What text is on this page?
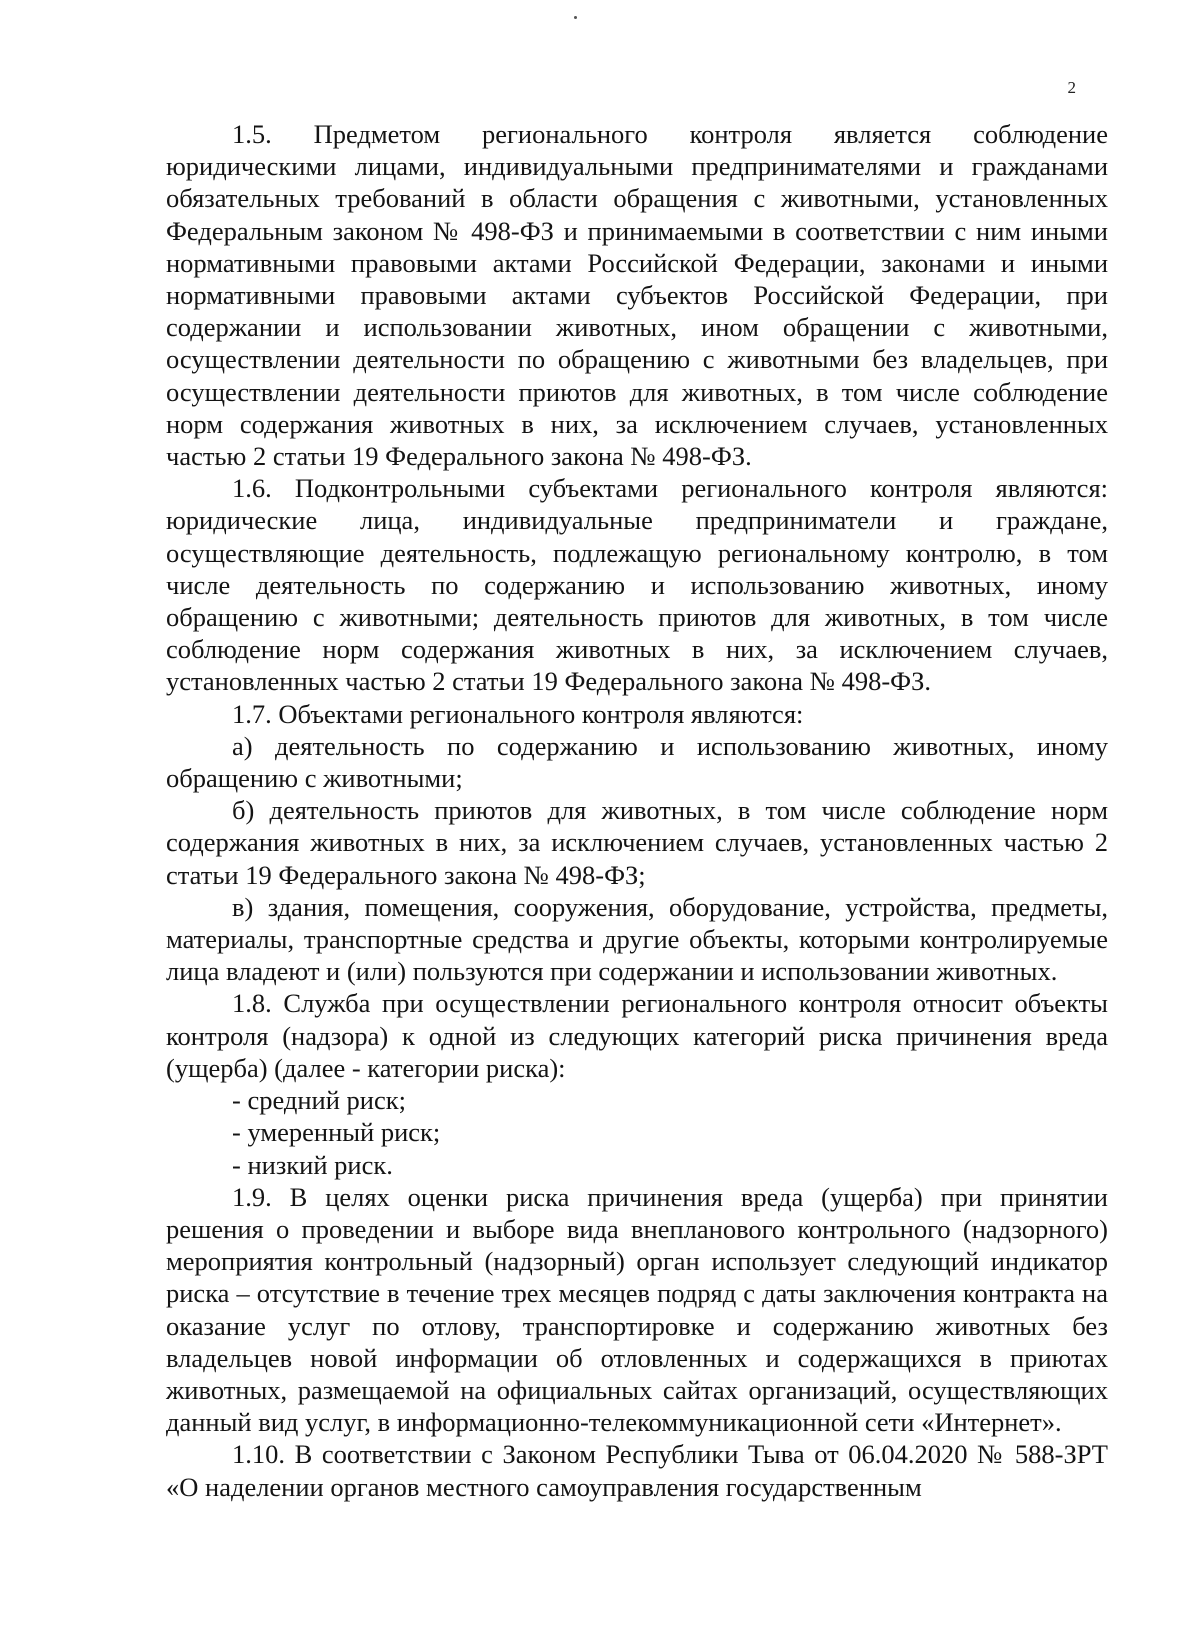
2

1.5. Предметом регионального контроля является соблюдение юридическими лицами, индивидуальными предпринимателями и гражданами обязательных требований в области обращения с животными, установленных Федеральным законом № 498-ФЗ и принимаемыми в соответствии с ним иными нормативными правовыми актами Российской Федерации, законами и иными нормативными правовыми актами субъектов Российской Федерации, при содержании и использовании животных, ином обращении с животными, осуществлении деятельности по обращению с животными без владельцев, при осуществлении деятельности приютов для животных, в том числе соблюдение норм содержания животных в них, за исключением случаев, установленных частью 2 статьи 19 Федерального закона № 498-ФЗ.

1.6. Подконтрольными субъектами регионального контроля являются: юридические лица, индивидуальные предприниматели и граждане, осуществляющие деятельность, подлежащую региональному контролю, в том числе деятельность по содержанию и использованию животных, иному обращению с животными; деятельность приютов для животных, в том числе соблюдение норм содержания животных в них, за исключением случаев, установленных частью 2 статьи 19 Федерального закона № 498-ФЗ.

1.7. Объектами регионального контроля являются:

а) деятельность по содержанию и использованию животных, иному обращению с животными;

б) деятельность приютов для животных, в том числе соблюдение норм содержания животных в них, за исключением случаев, установленных частью 2 статьи 19 Федерального закона № 498-ФЗ;

в) здания, помещения, сооружения, оборудование, устройства, предметы, материалы, транспортные средства и другие объекты, которыми контролируемые лица владеют и (или) пользуются при содержании и использовании животных.

1.8. Служба при осуществлении регионального контроля относит объекты контроля (надзора) к одной из следующих категорий риска причинения вреда (ущерба) (далее - категории риска):

- средний риск;

- умеренный риск;

- низкий риск.

1.9. В целях оценки риска причинения вреда (ущерба) при принятии решения о проведении и выборе вида внепланового контрольного (надзорного) мероприятия контрольный (надзорный) орган использует следующий индикатор риска – отсутствие в течение трех месяцев подряд с даты заключения контракта на оказание услуг по отлову, транспортировке и содержанию животных без владельцев новой информации об отловленных и содержащихся в приютах животных, размещаемой на официальных сайтах организаций, осуществляющих данный вид услуг, в информационно-телекоммуникационной сети «Интернет».

1.10. В соответствии с Законом Республики Тыва от 06.04.2020 № 588-ЗРТ «О наделении органов местного самоуправления государственным
